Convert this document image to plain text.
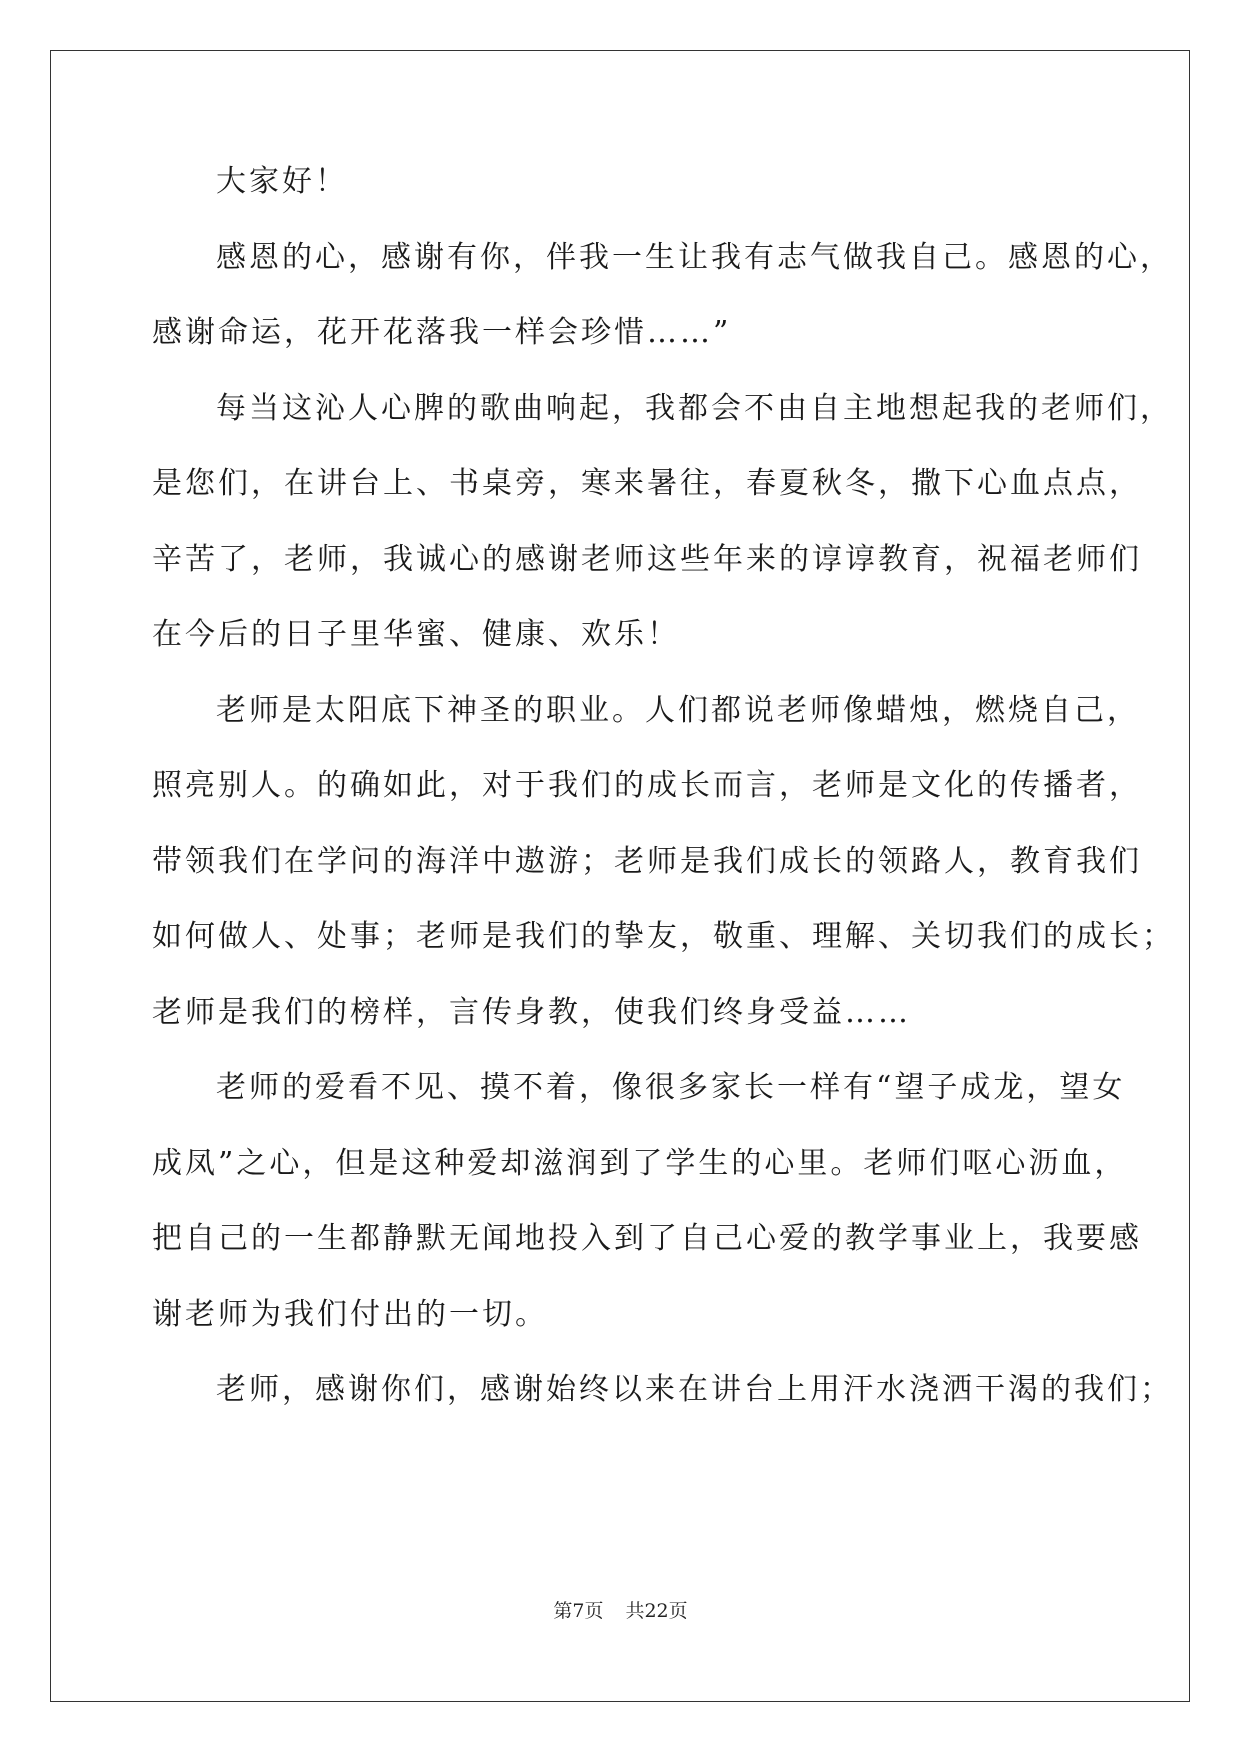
大家好！
感恩的心，感谢有你，伴我一生让我有志气做我自己。感恩的心，
感谢命运，花开花落我一样会珍惜……”
每当这沁人心脾的歌曲响起，我都会不由自主地想起我的老师们，
是您们，在讲台上、书桌旁，寒来暑往，春夏秋冬，撒下心血点点，
辛苦了，老师，我诚心的感谢老师这些年来的谆谆教育，祝福老师们
在今后的日子里华蜜、健康、欢乐！
老师是太阳底下神圣的职业。人们都说老师像蜡烛，燃烧自己，
照亮别人。的确如此，对于我们的成长而言，老师是文化的传播者，
带领我们在学问的海洋中遨游；老师是我们成长的领路人，教育我们
如何做人、处事；老师是我们的挚友，敬重、理解、关切我们的成长；
老师是我们的榜样，言传身教，使我们终身受益……
老师的爱看不见、摸不着，像很多家长一样有“望子成龙，望女
成凤”之心，但是这种爱却滋润到了学生的心里。老师们呕心沥血，
把自己的一生都静默无闻地投入到了自己心爱的教学事业上，我要感
谢老师为我们付出的一切。
老师，感谢你们，感谢始终以来在讲台上用汗水浇洒干渴的我们；
第7页 共22页
